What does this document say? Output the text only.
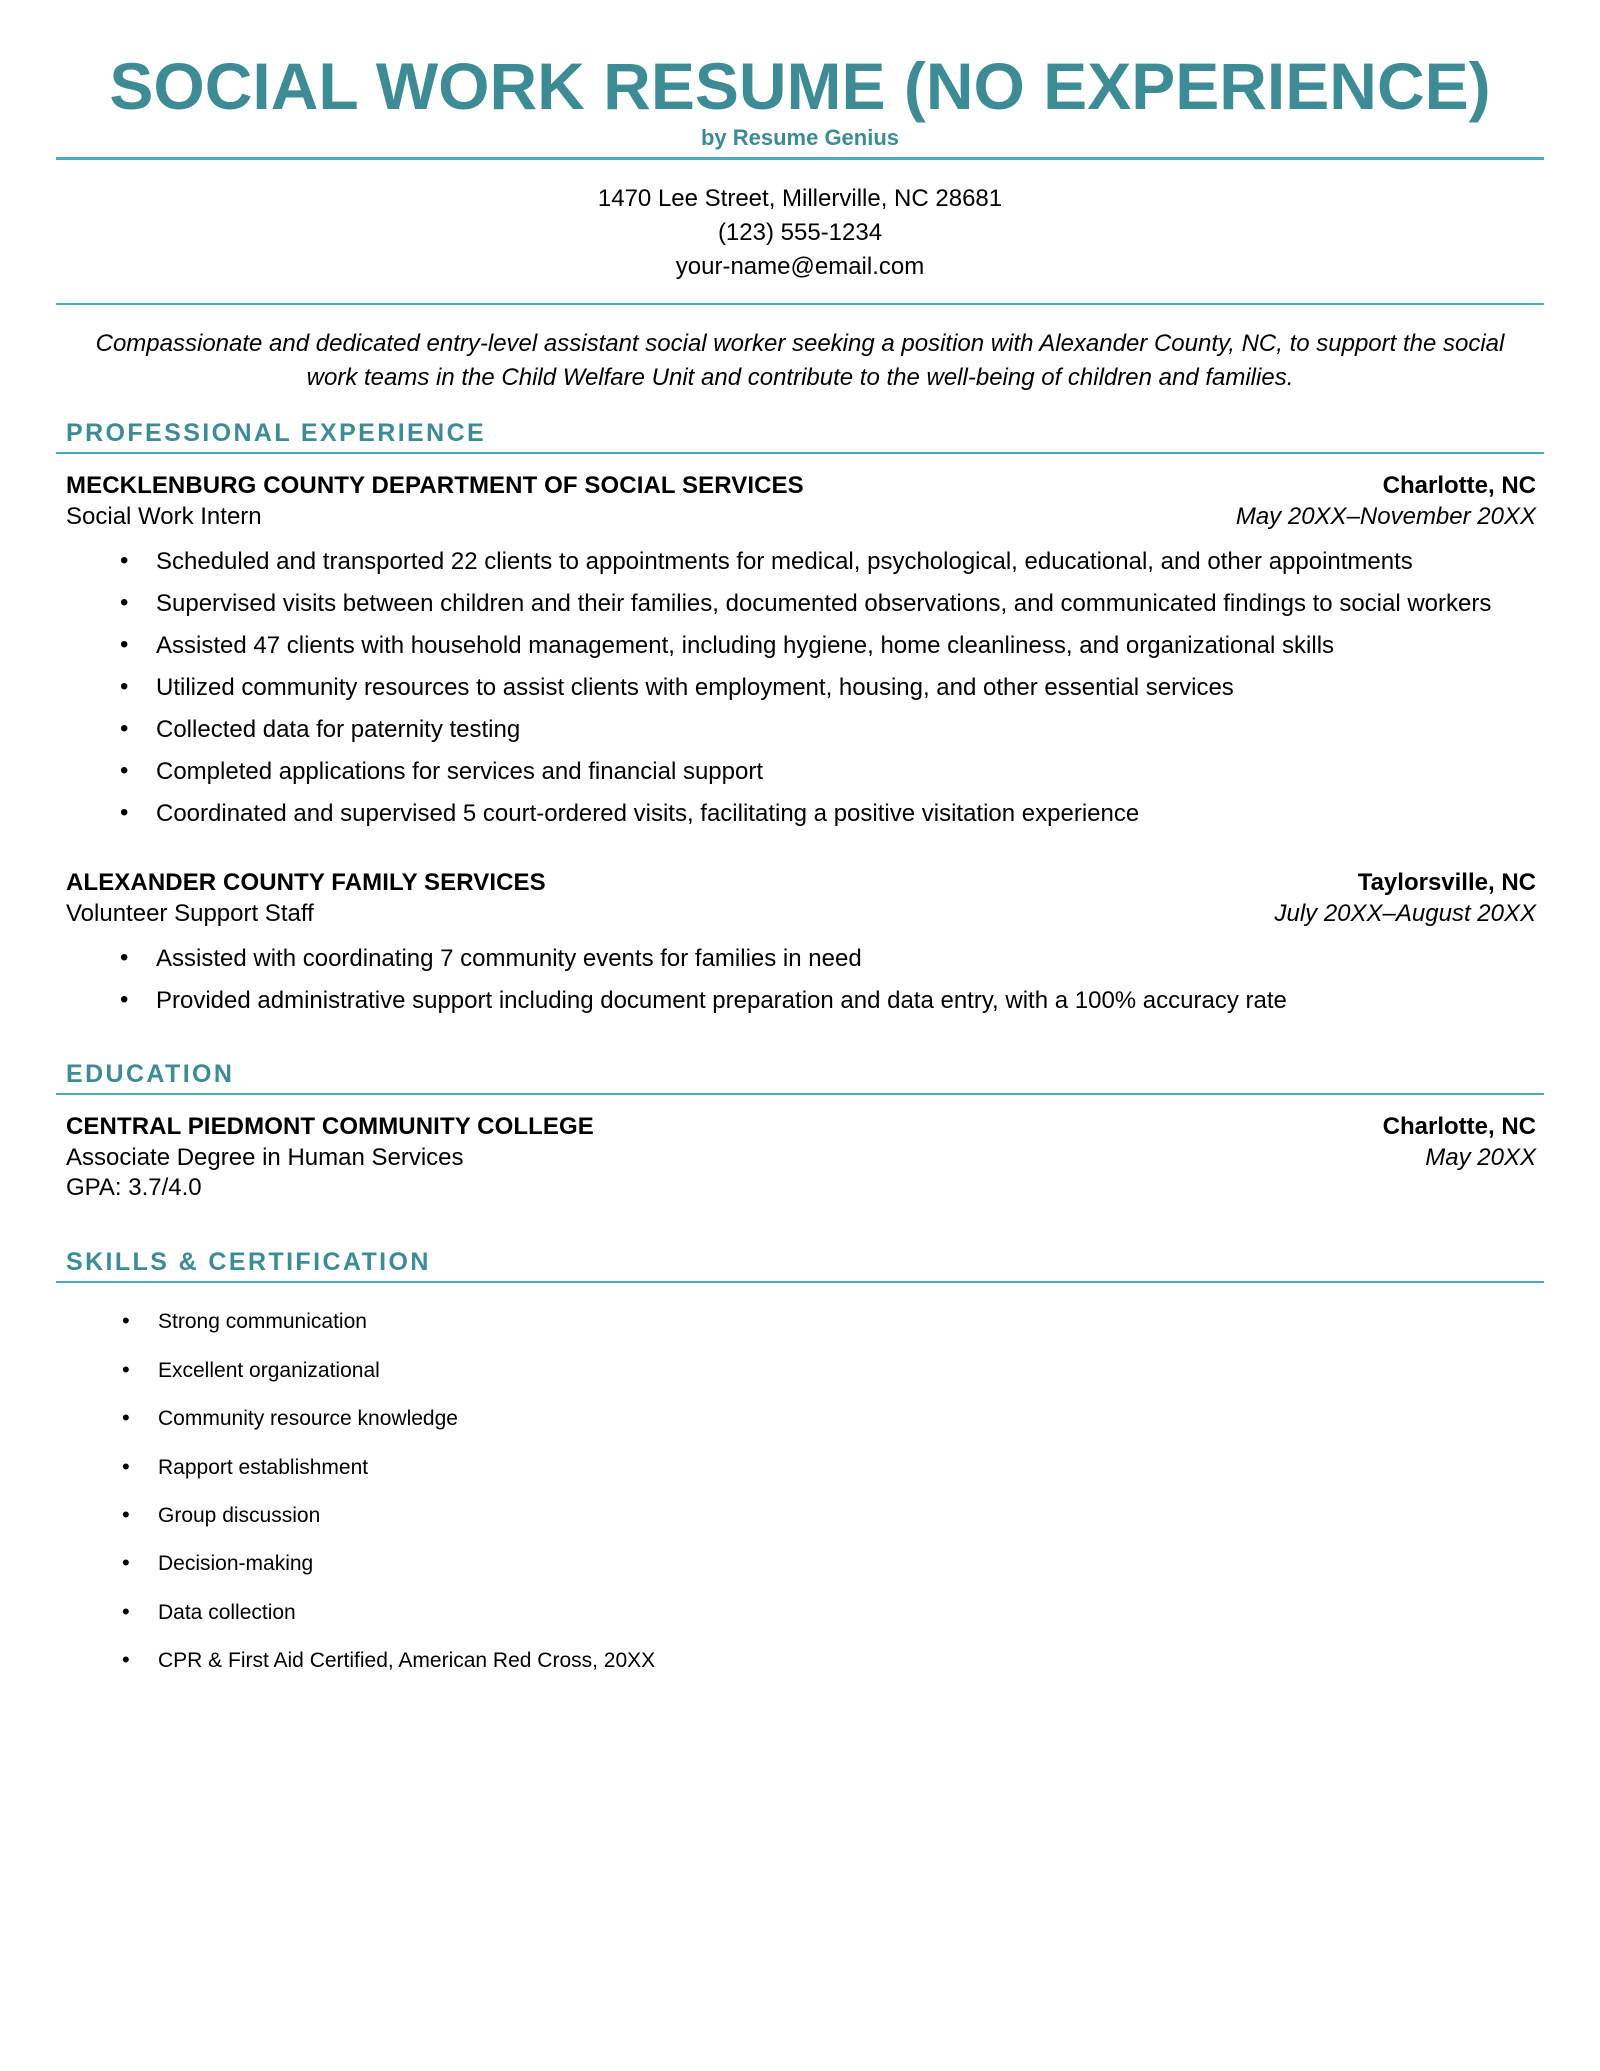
SOCIAL WORK RESUME (NO EXPERIENCE)
by Resume Genius
1470 Lee Street, Millerville, NC 28681
(123) 555-1234
your-name@email.com
Compassionate and dedicated entry-level assistant social worker seeking a position with Alexander County, NC, to support the social work teams in the Child Welfare Unit and contribute to the well-being of children and families.
PROFESSIONAL EXPERIENCE
MECKLENBURG COUNTY DEPARTMENT OF SOCIAL SERVICES	Charlotte, NC
Social Work Intern	May 20XX–November 20XX
• Scheduled and transported 22 clients to appointments for medical, psychological, educational, and other appointments
• Supervised visits between children and their families, documented observations, and communicated findings to social workers
• Assisted 47 clients with household management, including hygiene, home cleanliness, and organizational skills
• Utilized community resources to assist clients with employment, housing, and other essential services
• Collected data for paternity testing
• Completed applications for services and financial support
• Coordinated and supervised 5 court-ordered visits, facilitating a positive visitation experience
ALEXANDER COUNTY FAMILY SERVICES	Taylorsville, NC
Volunteer Support Staff	July 20XX–August 20XX
• Assisted with coordinating 7 community events for families in need
• Provided administrative support including document preparation and data entry, with a 100% accuracy rate
EDUCATION
CENTRAL PIEDMONT COMMUNITY COLLEGE	Charlotte, NC
Associate Degree in Human Services	May 20XX
GPA: 3.7/4.0
SKILLS & CERTIFICATION
• Strong communication
• Excellent organizational
• Community resource knowledge
• Rapport establishment
• Group discussion
• Decision-making
• Data collection
• CPR & First Aid Certified, American Red Cross, 20XX
